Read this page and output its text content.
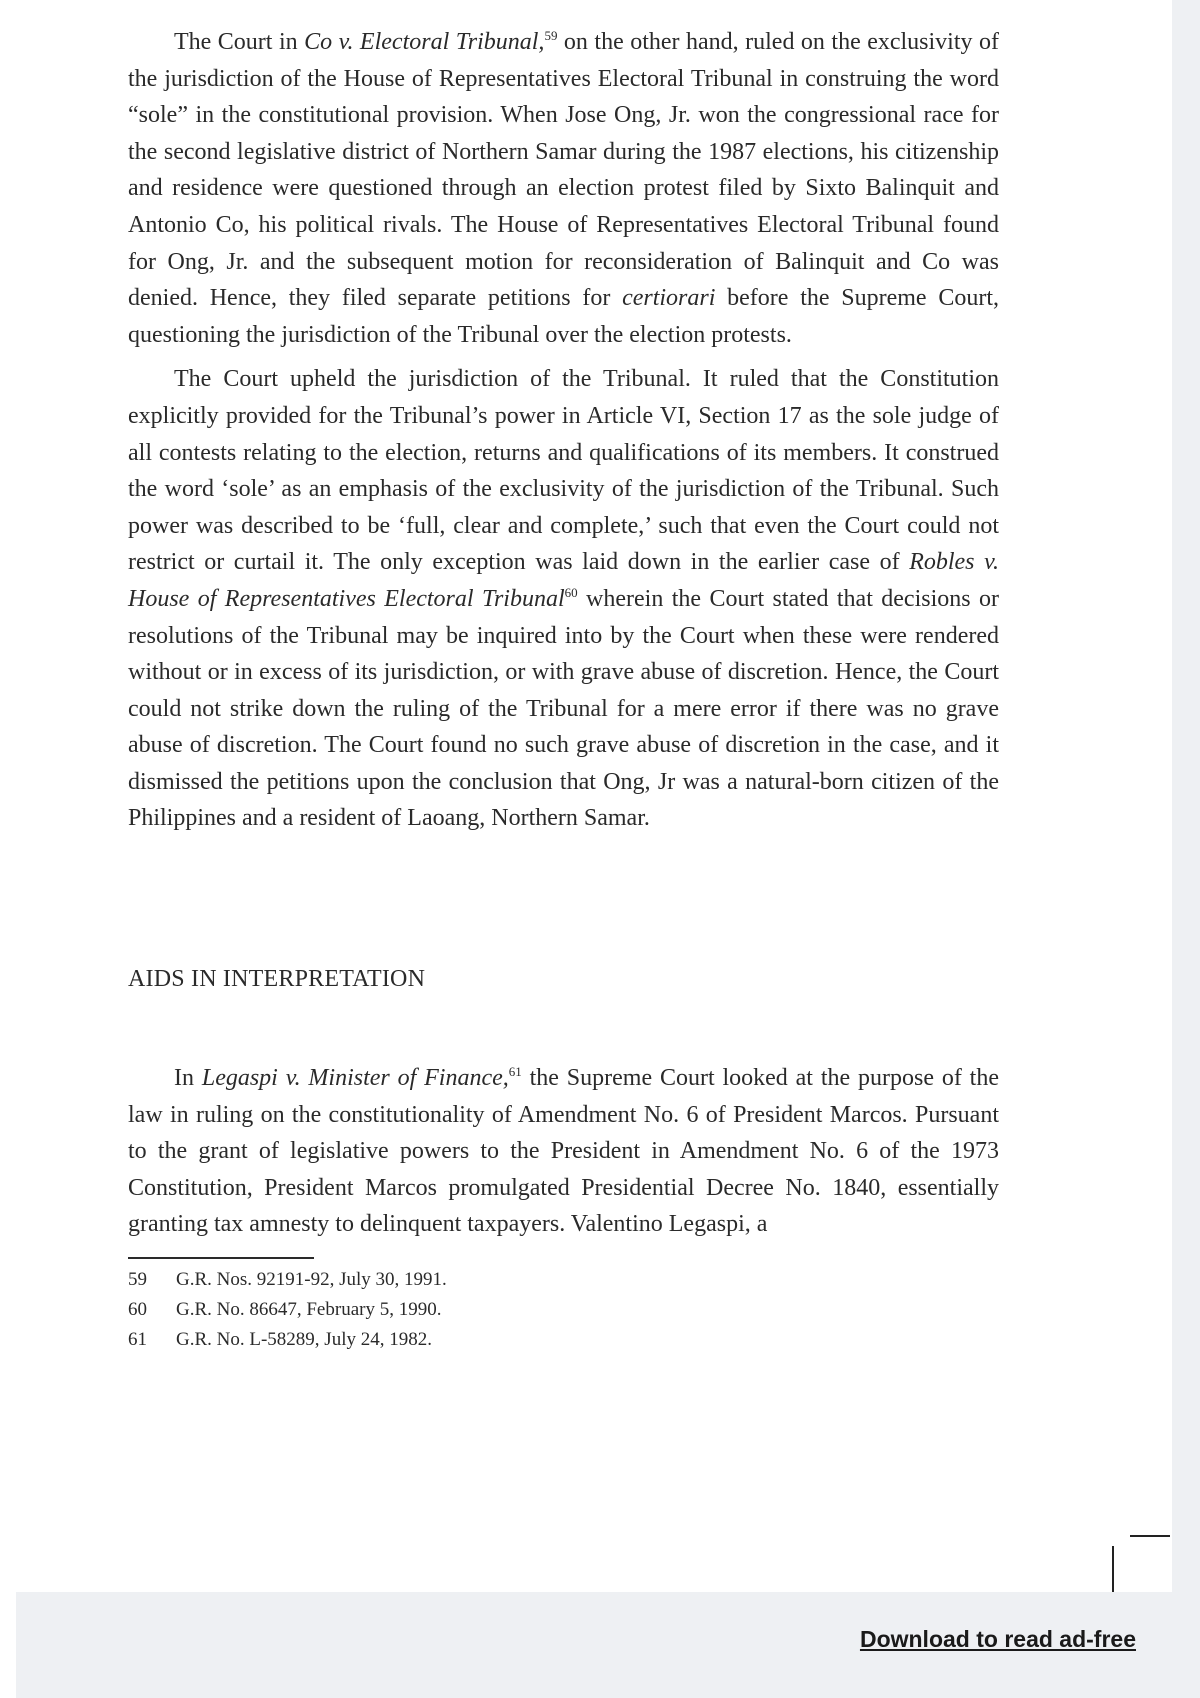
The Court in Co v. Electoral Tribunal,$^{59}$ on the other hand, ruled on the exclusivity of the jurisdiction of the House of Representatives Electoral Tribunal in construing the word “sole” in the constitutional provision. When Jose Ong, Jr. won the congressional race for the second legislative district of Northern Samar during the 1987 elections, his citizenship and residence were questioned through an election protest filed by Sixto Balinquit and Antonio Co, his political rivals. The House of Representatives Electoral Tribunal found for Ong, Jr. and the subsequent motion for reconsideration of Balinquit and Co was denied. Hence, they filed separate petitions for certiorari before the Supreme Court, questioning the jurisdiction of the Tribunal over the election protests.

The Court upheld the jurisdiction of the Tribunal. It ruled that the Constitution explicitly provided for the Tribunal’s power in Article VI, Section 17 as the sole judge of all contests relating to the election, returns and qualifications of its members. It construed the word ‘sole’ as an emphasis of the exclusivity of the jurisdiction of the Tribunal. Such power was described to be ‘full, clear and complete,’ such that even the Court could not restrict or curtail it. The only exception was laid down in the earlier case of Robles v. House of Representatives Electoral Tribunal$^{60}$ wherein the Court stated that decisions or resolutions of the Tribunal may be inquired into by the Court when these were rendered without or in excess of its jurisdiction, or with grave abuse of discretion. Hence, the Court could not strike down the ruling of the Tribunal for a mere error if there was no grave abuse of discretion. The Court found no such grave abuse of discretion in the case, and it dismissed the petitions upon the conclusion that Ong, Jr was a natural-born citizen of the Philippines and a resident of Laoang, Northern Samar.

AIDS IN INTERPRETATION

In Legaspi v. Minister of Finance,$^{61}$ the Supreme Court looked at the purpose of the law in ruling on the constitutionality of Amendment No. 6 of President Marcos. Pursuant to the grant of legislative powers to the President in Amendment No. 6 of the 1973 Constitution, President Marcos promulgated Presidential Decree No. 1840, essentially granting tax amnesty to delinquent taxpayers. Valentino Legaspi, a

59	G.R. Nos. 92191-92, July 30, 1991.
60	G.R. No. 86647, February 5, 1990.
61	G.R. No. L-58289, July 24, 1982.
Download to read ad-free
